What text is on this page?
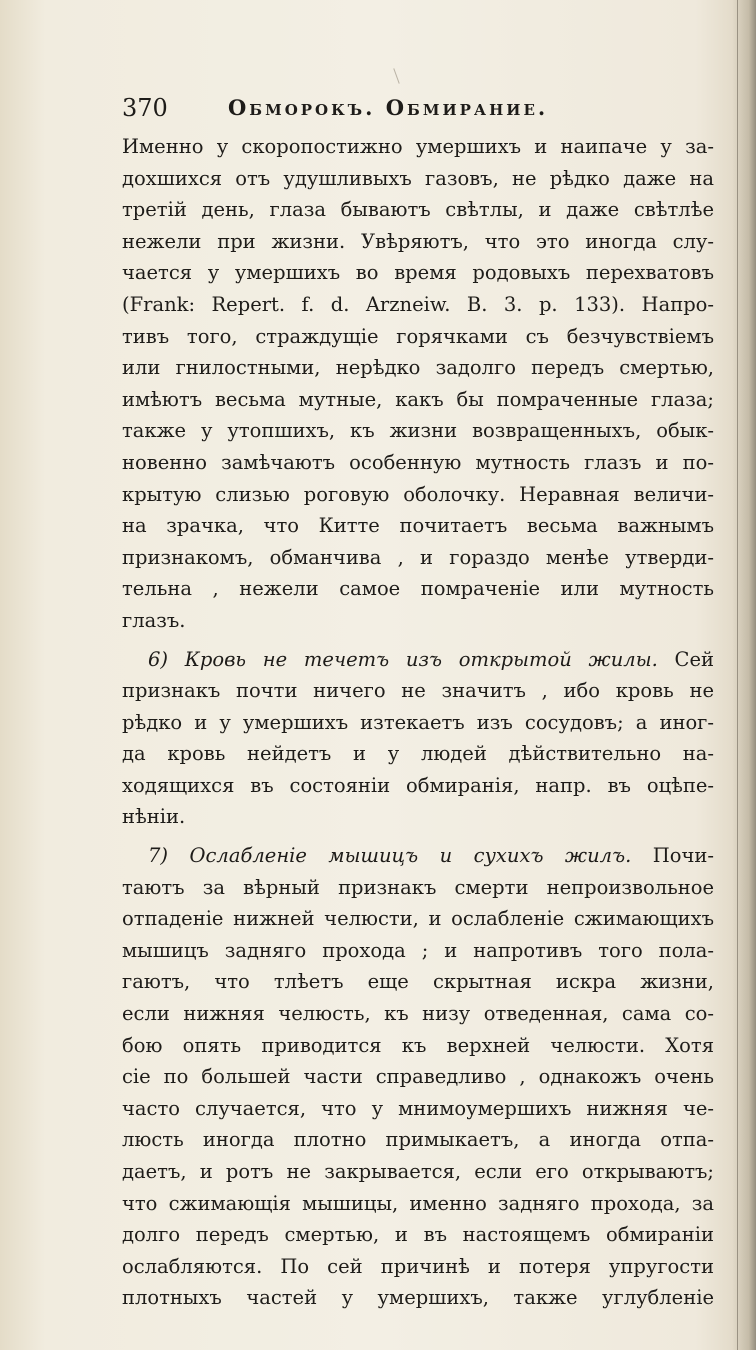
370	Обморокъ. Обмирание.
Именно у скоропостижно умершихъ и наипаче у за-
дохшихся отъ удушливыхъ газовъ, не рѣдко даже на
третій день, глаза бываютъ свѣтлы, и даже свѣтлѣе
нежели при жизни. Увѣряютъ, что это иногда слу-
чается у умершихъ во время родовыхъ перехватовъ
(Frank: Repert. f. d. Arzneiw. B. 3. p. 133). Напро-
тивъ того, страждущіе горячками съ безчувствіемъ
или гнилостными, нерѣдко задолго передъ смертью,
имѣютъ весьма мутные, какъ бы помраченные глаза;
также у утопшихъ, къ жизни возвращенныхъ, обык-
новенно замѣчаютъ особенную мутность глазъ и по-
крытую слизью роговую оболочку. Неравная величи-
на зрачка, что Китте почитаетъ весьма важнымъ
признакомъ, обманчива , и гораздо менѣе утверди-
тельна , нежели самое помраченіе или мутность
глазъ.
6) Кровь не течетъ изъ открытой жилы. Сей
признакъ почти ничего не значитъ , ибо кровь не
рѣдко и у умершихъ изтекаетъ изъ сосудовъ; а иног-
да кровь нейдетъ и у людей дѣйствительно на-
ходящихся въ состояніи обмиранія, напр. въ оцѣпе-
нѣніи.
7) Ослабленіе мышицъ и сухихъ жилъ. Почи-
таютъ за вѣрный признакъ смерти непроизвольное
отпаденіе нижней челюсти, и ослабленіе сжимающихъ
мышицъ задняго прохода ; и напротивъ того пола-
гаютъ, что тлѣетъ еще скрытная искра жизни,
если нижняя челюсть, къ низу отведенная, сама со-
бою опять приводится къ верхней челюсти. Хотя
сіе по большей части справедливо , однакожъ очень
часто случается, что у мнимоумершихъ нижняя че-
люсть иногда плотно примыкаетъ, а иногда отпа-
даетъ, и ротъ не закрывается, если его открываютъ;
что сжимающія мышицы, именно задняго прохода, за
долго передъ смертью, и въ настоящемъ обмираніи
ослабляются. По сей причинѣ и потеря упругости
плотныхъ частей у умершихъ, также углубленіе
